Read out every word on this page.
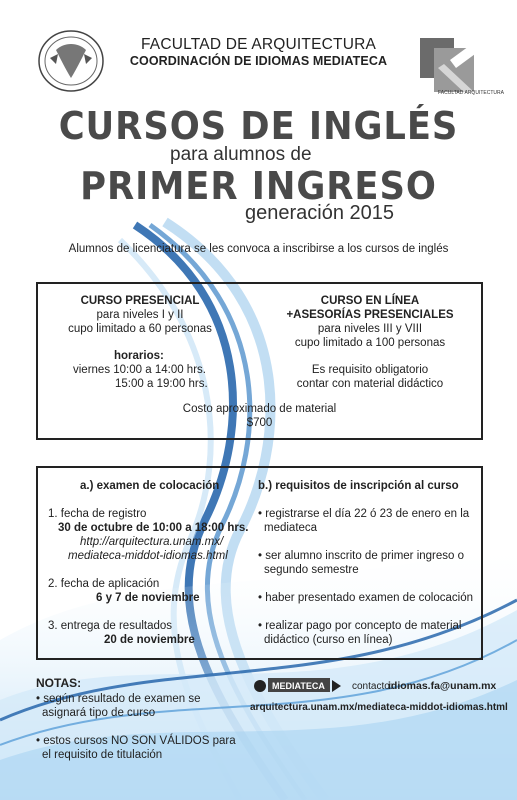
FACULTAD ARQUITECTURA
FACULTAD DE ARQUITECTURA
COORDINACIÓN DE IDIOMAS MEDIATECA
CURSOS DE INGLÉS
para alumnos de
PRIMER INGRESO
generación 2015
Alumnos de licenciatura se les convoca a inscribirse a los cursos de inglés
CURSO PRESENCIAL
para niveles I y II
cupo limitado a 60 personas
horarios:
viernes 10:00 a 14:00 hrs.
15:00 a 19:00 hrs.
CURSO EN LÍNEA
+ASESORÍAS PRESENCIALES
para niveles III y VIII
cupo limitado a 100 personas
Es requisito obligatorio
contar con material didáctico
Costo aproximado de material
$700
a.) examen de colocación
1. fecha de registro
30 de octubre de 10:00 a 18:00 hrs.
http://arquitectura.unam.mx/
mediateca-middot-idiomas.html
2. fecha de aplicación
6 y 7 de noviembre
3. entrega de resultados
20 de noviembre
b.) requisitos de inscripción al curso
• registrarse el día 22 ó 23 de enero en la
mediateca
• ser alumno inscrito de primer ingreso o
segundo semestre
• haber presentado examen de colocación
• realizar pago por concepto de material
didáctico (curso en línea)
NOTAS:
• según resultado de examen se
asignará tipo de curso
• estos cursos NO SON VÁLIDOS para
el requisito de titulación
MEDIATECA	contacto:
idiomas.fa@unam.mx
arquitectura.unam.mx/mediateca-middot-idiomas.html
